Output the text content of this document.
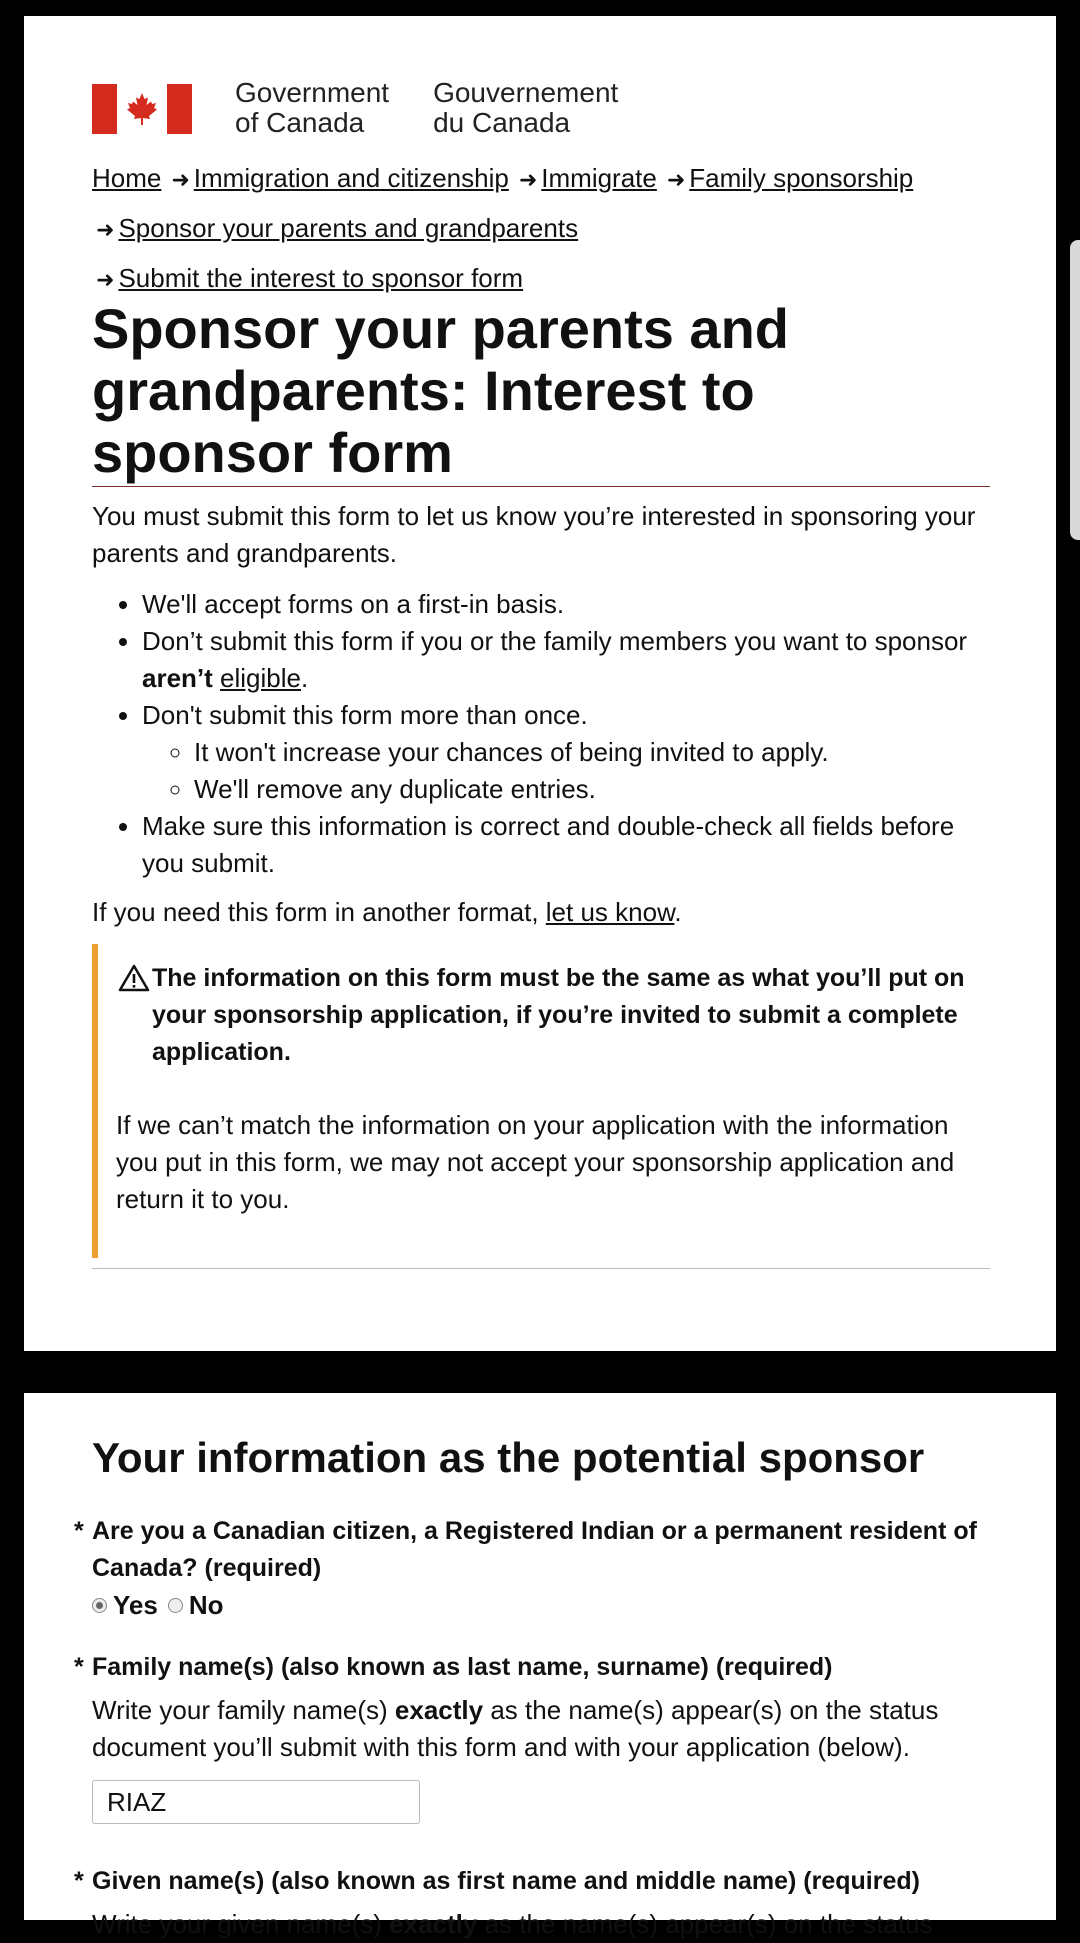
Government
of Canada
Gouvernement
du Canada
Home ➜ Immigration and citizenship ➜ Immigrate ➜ Family sponsorship
➜ Sponsor your parents and grandparents
➜ Submit the interest to sponsor form
Sponsor your parents and grandparents: Interest to sponsor form

You must submit this form to let us know you’re interested in sponsoring your parents and grandparents.

• We'll accept forms on a first-in basis.
• Don’t submit this form if you or the family members you want to sponsor aren’t eligible.
• Don't submit this form more than once.
◦ It won't increase your chances of being invited to apply.
◦ We'll remove any duplicate entries.
• Make sure this information is correct and double-check all fields before you submit.

If you need this form in another format, let us know.

The information on this form must be the same as what you’ll put on your sponsorship application, if you’re invited to submit a complete application.
If we can’t match the information on your application with the information you put in this form, we may not accept your sponsorship application and return it to you.
Your information as the potential sponsor
* Are you a Canadian citizen, a Registered Indian or a permanent resident of Canada? (required)
Yes No
* Family name(s) (also known as last name, surname) (required)
Write your family name(s) exactly as the name(s) appear(s) on the status document you’ll submit with this form and with your application (below).
RIAZ
* Given name(s) (also known as first name and middle name) (required)
Write your given name(s) exactly as the name(s) appear(s) on the status
